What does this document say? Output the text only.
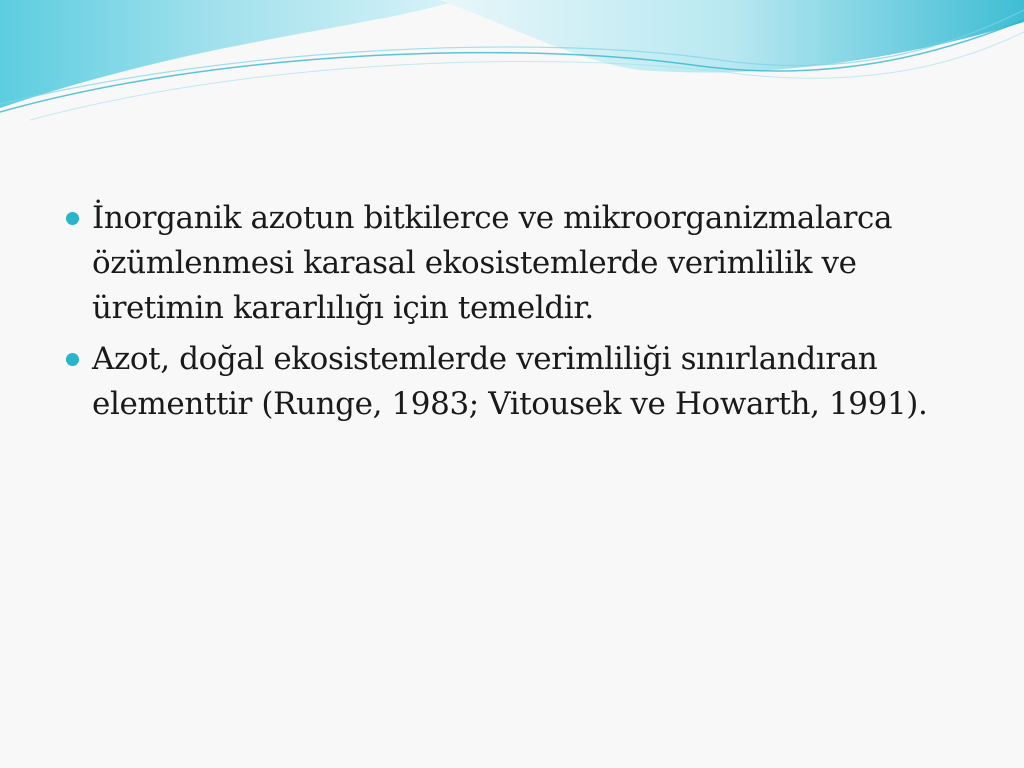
İnorganik azotun bitkilerce ve mikroorganizmalarca özümlenmesi karasal ekosistemlerde verimlilik ve üretimin kararlılığı için temeldir.
Azot, doğal ekosistemlerde verimliliği sınırlandıran elementtir (Runge, 1983; Vitousek ve Howarth, 1991).
